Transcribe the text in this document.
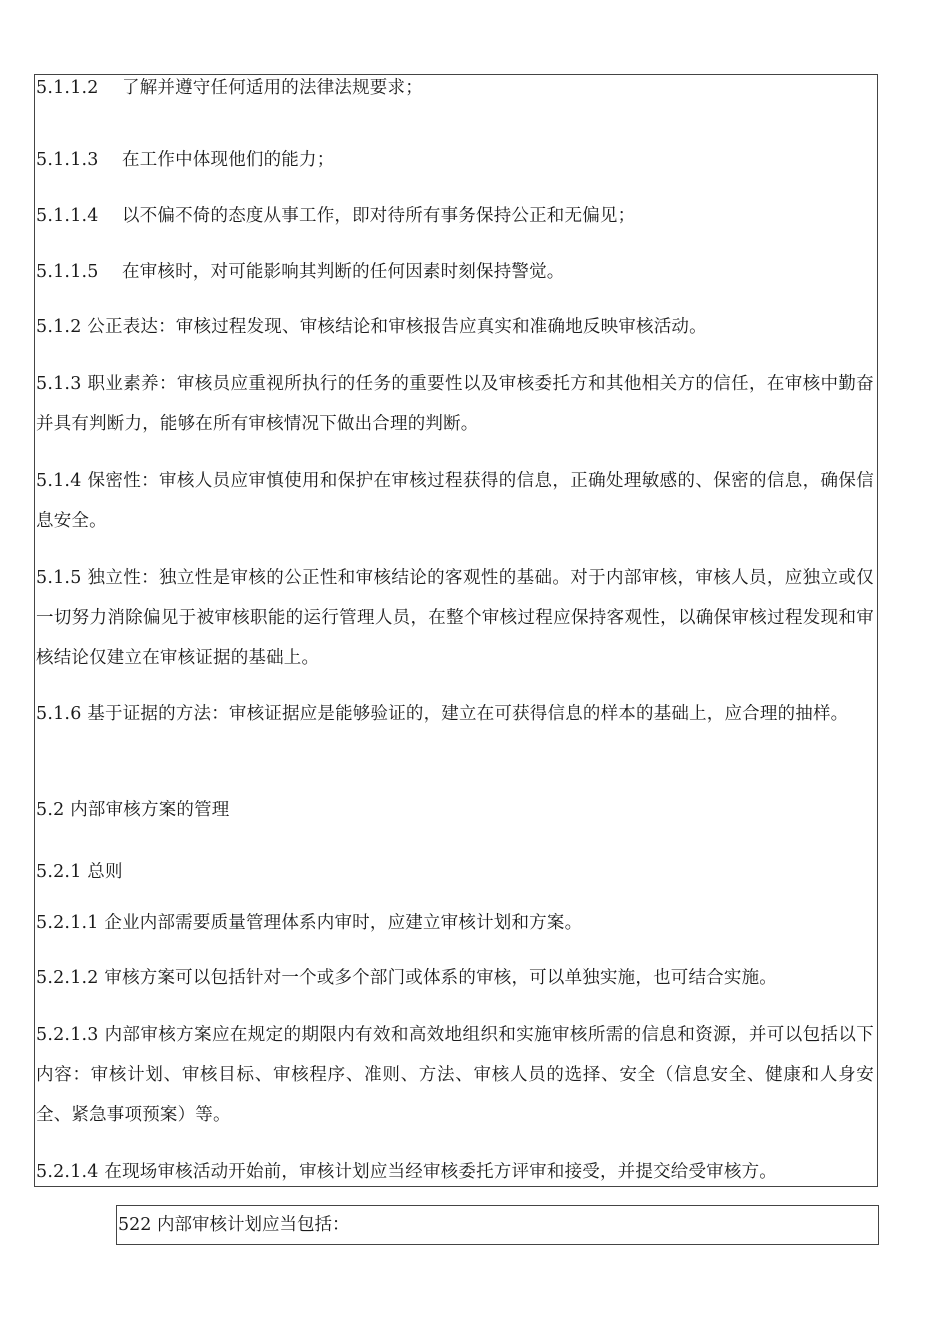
5.1.1.2 了解并遵守任何适用的法律法规要求；
5.1.1.3 在工作中体现他们的能力；
5.1.1.4 以不偏不倚的态度从事工作，即对待所有事务保持公正和无偏见；
5.1.1.5 在审核时，对可能影响其判断的任何因素时刻保持警觉。
5.1.2 公正表达：审核过程发现、审核结论和审核报告应真实和准确地反映审核活动。
5.1.3 职业素养：审核员应重视所执行的任务的重要性以及审核委托方和其他相关方的信任，在审核中勤奋并具有判断力，能够在所有审核情况下做出合理的判断。
5.1.4 保密性：审核人员应审慎使用和保护在审核过程获得的信息，正确处理敏感的、保密的信息，确保信息安全。
5.1.5 独立性：独立性是审核的公正性和审核结论的客观性的基础。对于内部审核，审核人员，应独立或仅一切努力消除偏见于被审核职能的运行管理人员，在整个审核过程应保持客观性，以确保审核过程发现和审核结论仅建立在审核证据的基础上。
5.1.6 基于证据的方法：审核证据应是能够验证的，建立在可获得信息的样本的基础上，应合理的抽样。
5.2 内部审核方案的管理
5.2.1 总则
5.2.1.1 企业内部需要质量管理体系内审时，应建立审核计划和方案。
5.2.1.2 审核方案可以包括针对一个或多个部门或体系的审核，可以单独实施，也可结合实施。
5.2.1.3 内部审核方案应在规定的期限内有效和高效地组织和实施审核所需的信息和资源，并可以包括以下内容：审核计划、审核目标、审核程序、准则、方法、审核人员的选择、安全（信息安全、健康和人身安全、紧急事项预案）等。
5.2.1.4 在现场审核活动开始前，审核计划应当经审核委托方评审和接受，并提交给受审核方。
522 内部审核计划应当包括：
